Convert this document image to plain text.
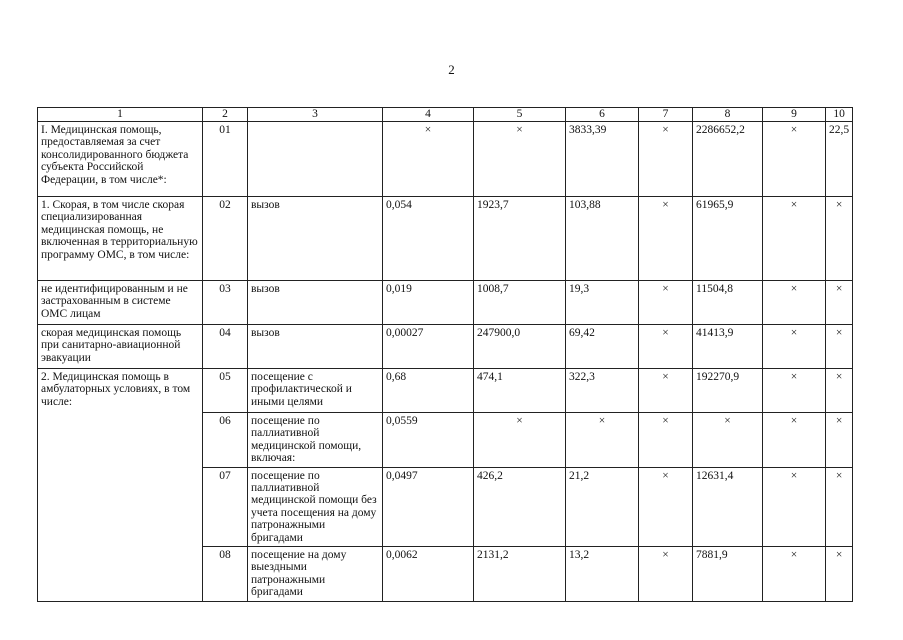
2
1	2	3	4	5	6	7	8	9	10
I. Медицинская помощь, предоставляемая за счет консолидированного бюджета субъекта Российской Федерации, в том числе*:	01		×	×	3833,39	×	2286652,2	×	22,5
1. Скорая, в том числе скорая специализированная медицинская помощь, не включенная в территориальную программу ОМС, в том числе:	02	вызов	0,054	1923,7	103,88	×	61965,9	×	×
не идентифицированным и не застрахованным в системе ОМС лицам	03	вызов	0,019	1008,7	19,3	×	11504,8	×	×
скорая медицинская помощь при санитарно-авиационной эвакуации	04	вызов	0,00027	247900,0	69,42	×	41413,9	×	×
2. Медицинская помощь в амбулаторных условиях, в том числе:	05	посещение с профилактической и иными целями	0,68	474,1	322,3	×	192270,9	×	×
	06	посещение по паллиативной медицинской помощи, включая:	0,0559	×	×	×	×	×	×
	07	посещение по паллиативной медицинской помощи без учета посещения на дому патронажными бригадами	0,0497	426,2	21,2	×	12631,4	×	×
	08	посещение на дому выездными патронажными бригадами	0,0062	2131,2	13,2	×	7881,9	×	×
